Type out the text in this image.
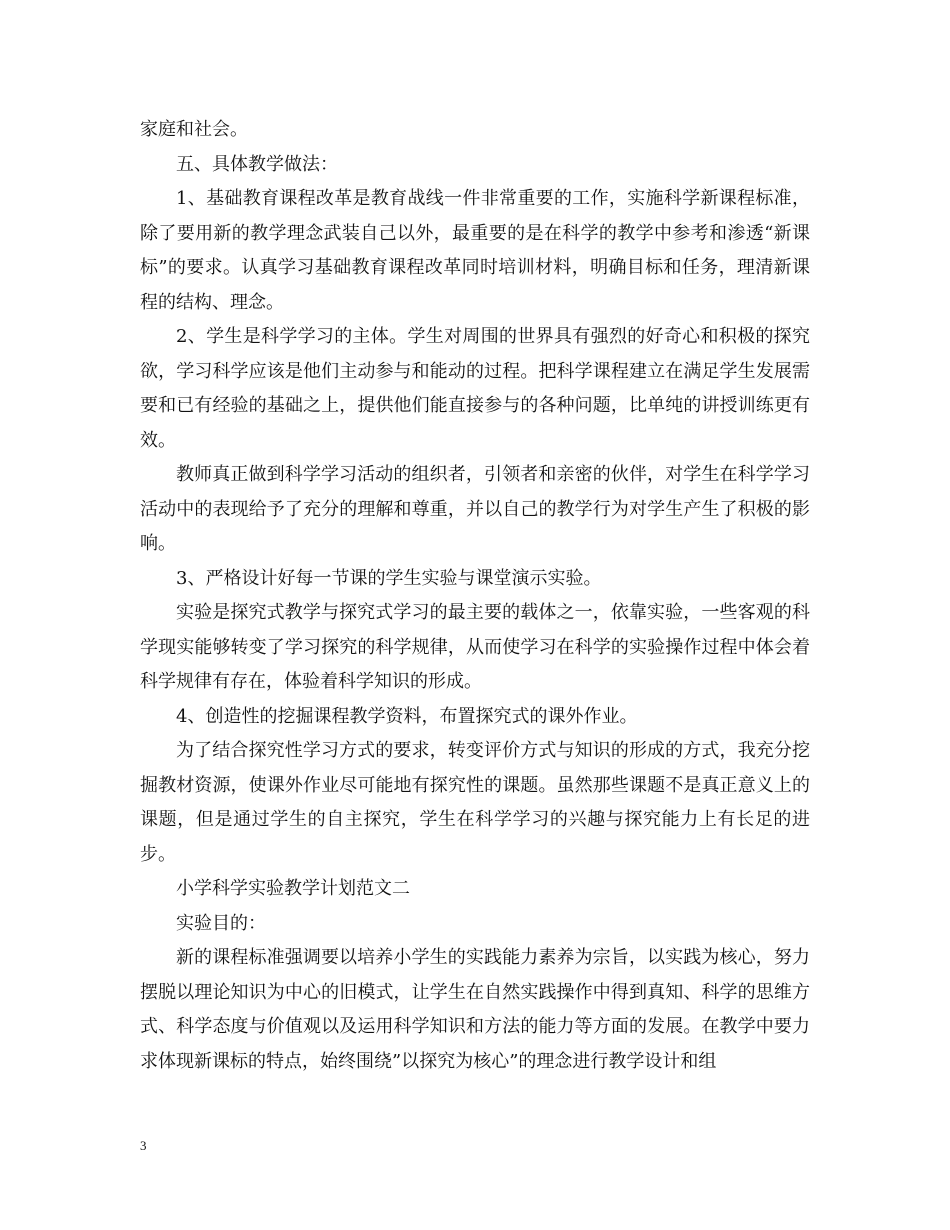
家庭和社会。

五、具体教学做法：

1、基础教育课程改革是教育战线一件非常重要的工作，实施科学新课程标准，除了要用新的教学理念武装自己以外，最重要的是在科学的教学中参考和渗透“新课标”的要求。认真学习基础教育课程改革同时培训材料，明确目标和任务，理清新课程的结构、理念。

2、学生是科学学习的主体。学生对周围的世界具有强烈的好奇心和积极的探究欲，学习科学应该是他们主动参与和能动的过程。把科学课程建立在满足学生发展需要和已有经验的基础之上，提供他们能直接参与的各种问题，比单纯的讲授训练更有效。

教师真正做到科学学习活动的组织者，引领者和亲密的伙伴，对学生在科学学习活动中的表现给予了充分的理解和尊重，并以自己的教学行为对学生产生了积极的影响。

3、严格设计好每一节课的学生实验与课堂演示实验。

实验是探究式教学与探究式学习的最主要的载体之一，依靠实验，一些客观的科学现实能够转变了学习探究的科学规律，从而使学习在科学的实验操作过程中体会着科学规律有存在，体验着科学知识的形成。

4、创造性的挖掘课程教学资料，布置探究式的课外作业。

为了结合探究性学习方式的要求，转变评价方式与知识的形成的方式，我充分挖掘教材资源，使课外作业尽可能地有探究性的课题。虽然那些课题不是真正意义上的课题，但是通过学生的自主探究，学生在科学学习的兴趣与探究能力上有长足的进步。

小学科学实验教学计划范文二

实验目的：

新的课程标准强调要以培养小学生的实践能力素养为宗旨，以实践为核心，努力摆脱以理论知识为中心的旧模式，让学生在自然实践操作中得到真知、科学的思维方式、科学态度与价值观以及运用科学知识和方法的能力等方面的发展。在教学中要力求体现新课标的特点，始终围绕”以探究为核心”的理念进行教学设计和组

3
